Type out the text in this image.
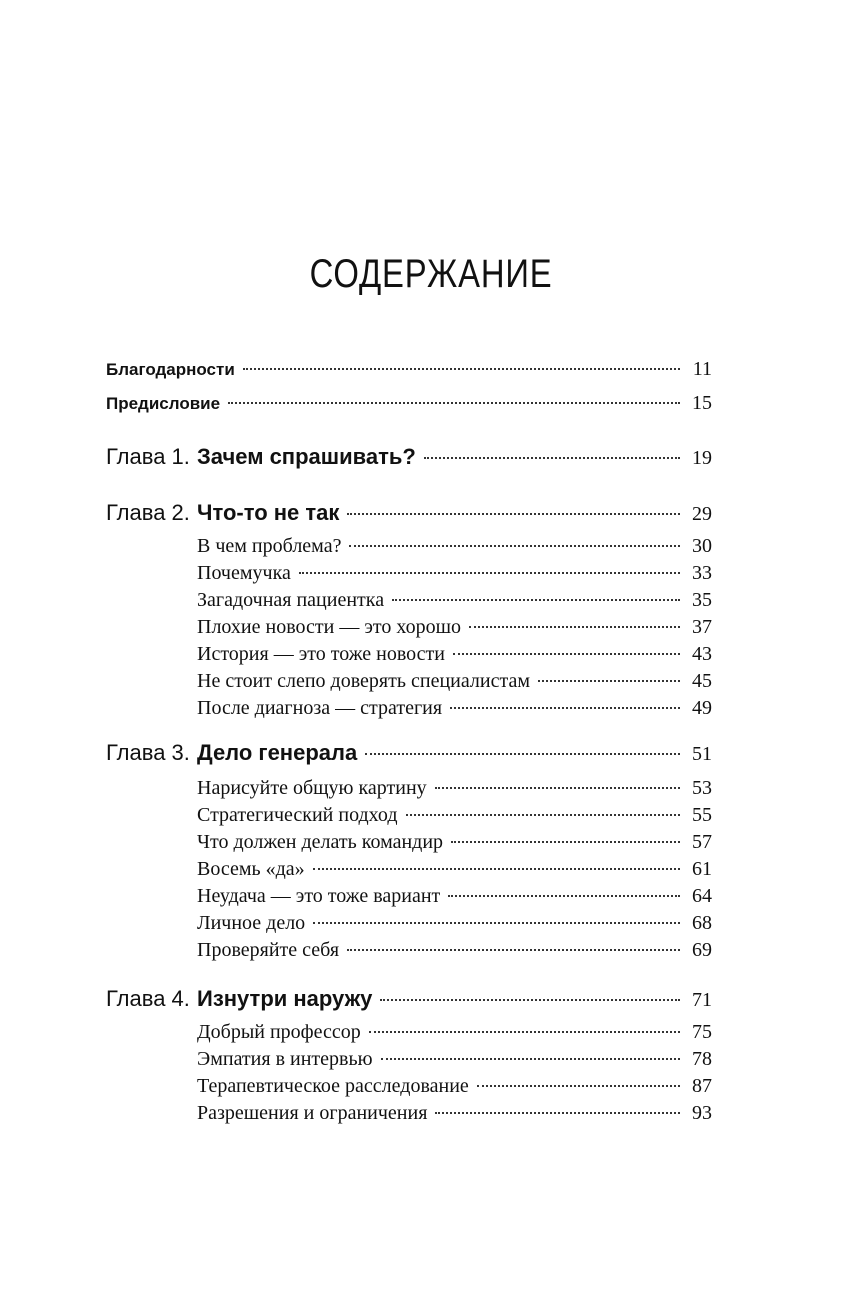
СОДЕРЖАНИЕ
Благодарности	11
Предисловие	15
Глава 1. Зачем спрашивать?	19
Глава 2. Что-то не так	29
В чем проблема?	30
Почемучка	33
Загадочная пациентка	35
Плохие новости — это хорошо	37
История — это тоже новости	43
Не стоит слепо доверять специалистам	45
После диагноза — стратегия	49
Глава 3. Дело генерала	51
Нарисуйте общую картину	53
Стратегический подход	55
Что должен делать командир	57
Восемь «да»	61
Неудача — это тоже вариант	64
Личное дело	68
Проверяйте себя	69
Глава 4. Изнутри наружу	71
Добрый профессор	75
Эмпатия в интервью	78
Терапевтическое расследование	87
Разрешения и ограничения	93
